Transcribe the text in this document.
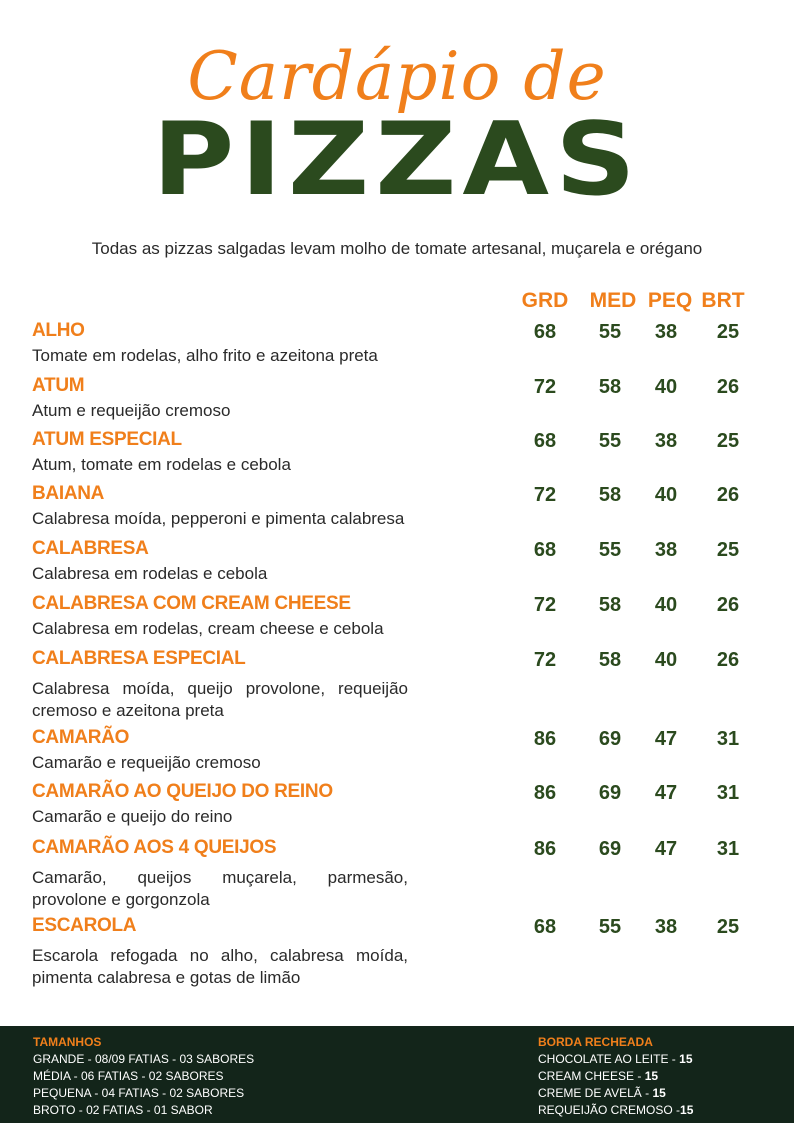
Cardápio de
PIZZAS
Todas as pizzas salgadas levam molho de tomate artesanal, muçarela e orégano
GRD	MED PEQ BRT
ALHO
Tomate em rodelas, alho frito e azeitona preta
68	55	38	25
ATUM
Atum e requeijão cremoso
72	58	40	26
ATUM ESPECIAL
Atum, tomate em rodelas e cebola
68	55	38	25
BAIANA
Calabresa moída, pepperoni e pimenta calabresa
72	58	40	26
CALABRESA
Calabresa em rodelas e cebola
68	55	38	25
CALABRESA COM CREAM CHEESE
Calabresa em rodelas, cream cheese e cebola
72	58	40	26
CALABRESA ESPECIAL
Calabresa moída, queijo provolone, requeijão cremoso e azeitona preta
72	58	40	26
CAMARÃO
Camarão e requeijão cremoso
86	69	47	31
CAMARÃO AO QUEIJO DO REINO
Camarão e queijo do reino
86	69	47	31
CAMARÃO AOS 4 QUEIJOS
Camarão, queijos muçarela, parmesão, provolone e gorgonzola
86	69	47	31
ESCAROLA
Escarola refogada no alho, calabresa moída, pimenta calabresa e gotas de limão
68	55	38	25
TAMANHOS
GRANDE - 08/09 FATIAS - 03 SABORES
MÉDIA - 06 FATIAS - 02 SABORES
PEQUENA - 04 FATIAS - 02 SABORES
BROTO - 02 FATIAS - 01 SABOR
BORDA RECHEADA
CHOCOLATE AO LEITE - 15
CREAM CHEESE - 15
CREME DE AVELÃ - 15
REQUEIJÃO CREMOSO -15
